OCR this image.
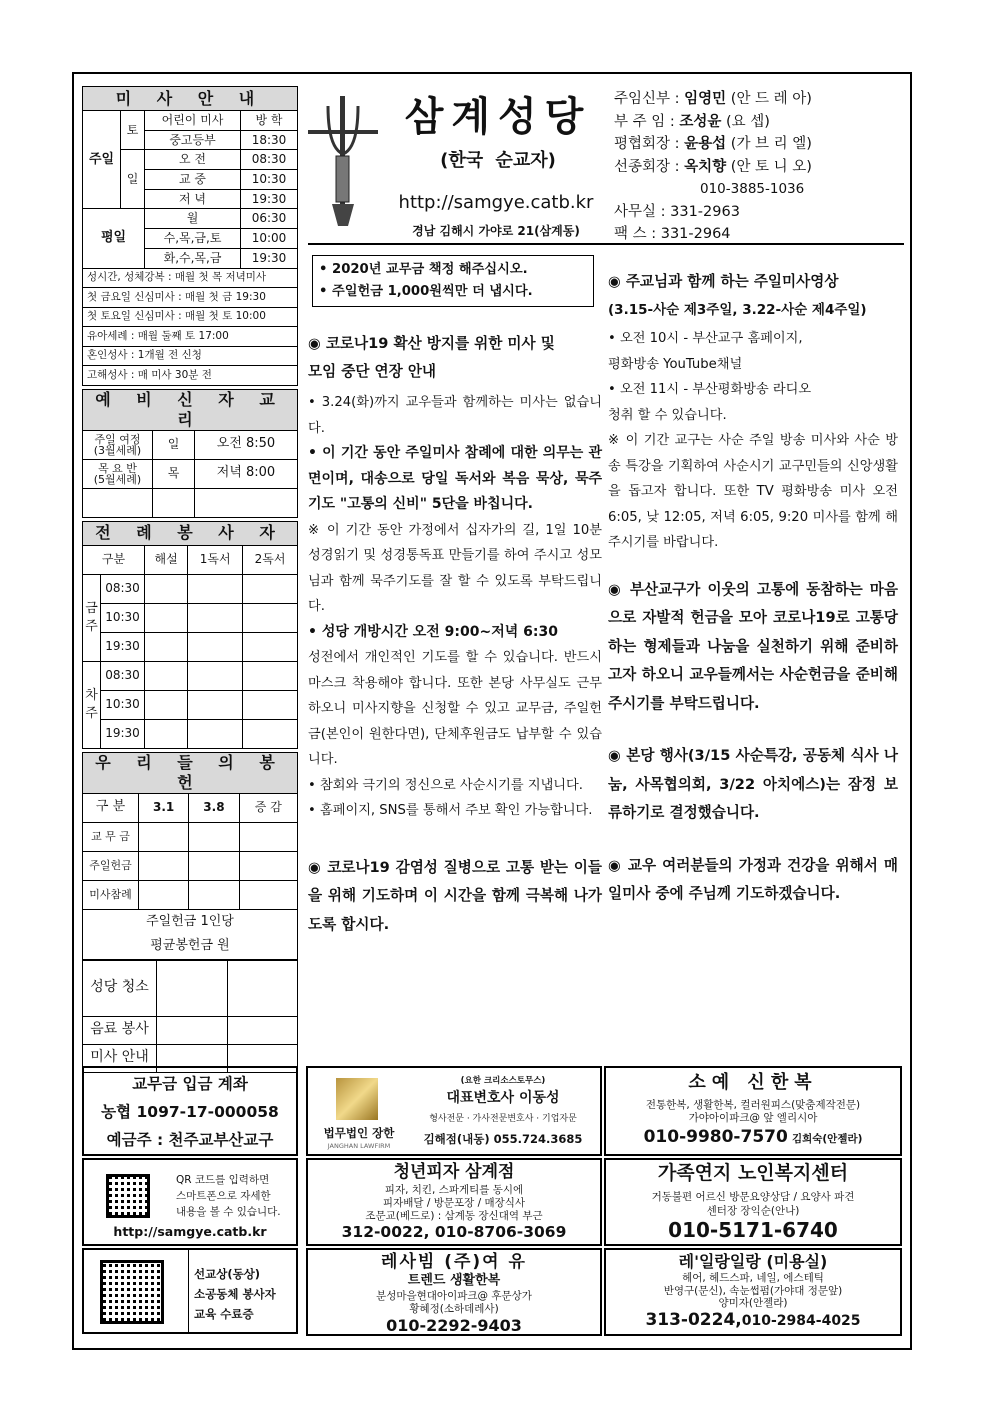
미 사 안 내			
주일	토	어린이 미사	방 학
		중고등부	18:30
	일	오 전	08:30
		교 중	10:30
		저 녁	19:30
평일		월	06:30
		수,목,금,토	10:00
		화,수,목,금	19:30
성시간, 성체강복 : 매월 첫 목 저녁미사			
첫 금요일 신심미사 : 매월 첫 금 19:30			
첫 토요일 신심미사 : 매월 첫 토 10:00			
유아세례 : 매월 둘째 토 17:00			
혼인성사 : 1개월 전 신청			
고해성사 : 매 미사 30분 전			
예 비 신 자 교 리		
주일 여정
(3월세례)	일	오전 8:50
목 요 반
(5월세례)	목	저녁 8:00

전 례 봉 사 자				
구분		해설	1독서	2독서
금주	08:30			
	10:30			
	19:30			
차주	08:30			
	10:30			
	19:30			
우 리 들 의 봉 헌			
구 분	3.1	3.8	증 감
교 무 금			
주일헌금			
미사참례			

주일헌금 1인당
평균봉헌금 원			
성당 청소		
음료 봉사		
미사 안내		
삼계성당
(한국 순교자)
http://samgye.catb.kr
경남 김해시 가야로 21(삼계동)
주임신부 : 임영민 (안 드 레 아)
부 주 임 : 조성윤 (요 셉)
평협회장 : 윤용섭 (가 브 리 엘)
선종회장 : 옥치향 (안 토 니 오)
010-3885-1036
사무실 : 331-2963
팩 스 : 331-2964
• 2020년 교무금 책정 해주십시오.
• 주일헌금 1,000원씩만 더 냅시다.
◉ 코로나19 확산 방지를 위한 미사 및
모임 중단 연장 안내
• 3.24(화)까지 교우들과 함께하는 미사는 없습니다.
• 이 기간 동안 주일미사 참례에 대한 의무는 관면이며, 대송으로 당일 독서와 복음 묵상, 묵주기도 "고통의 신비" 5단을 바칩니다.
※ 이 기간 동안 가정에서 십자가의 길, 1일 10분 성경읽기 및 성경통독표 만들기를 하여 주시고 성모님과 함께 묵주기도를 잘 할 수 있도록 부탁드립니다.
• 성당 개방시간 오전 9:00~저녁 6:30
성전에서 개인적인 기도를 할 수 있습니다. 반드시 마스크 착용해야 합니다. 또한 본당 사무실도 근무하오니 미사지향을 신청할 수 있고 교무금, 주일헌금(본인이 원한다면), 단체후원금도 납부할 수 있습니다.
• 참회와 극기의 정신으로 사순시기를 지냅니다.
• 홈페이지, SNS를 통해서 주보 확인 가능합니다.
◉ 코로나19 감염성 질병으로 고통 받는 이들을 위해 기도하며 이 시간을 함께 극복해 나가도록 합시다.
◉ 주교님과 함께 하는 주일미사영상
(3.15-사순 제3주일, 3.22-사순 제4주일)
• 오전 10시 - 부산교구 홈페이지,
평화방송 YouTube채널
• 오전 11시 - 부산평화방송 라디오
청취 할 수 있습니다.
※ 이 기간 교구는 사순 주일 방송 미사와 사순 방송 특강을 기획하여 사순시기 교구민들의 신앙생활을 돕고자 합니다. 또한 TV 평화방송 미사 오전 6:05, 낮 12:05, 저녁 6:05, 9:20 미사를 함께 해주시기를 바랍니다.
◉ 부산교구가 이웃의 고통에 동참하는 마음으로 자발적 헌금을 모아 코로나19로 고통당하는 형제들과 나눔을 실천하기 위해 준비하고자 하오니 교우들께서는 사순헌금을 준비해 주시기를 부탁드립니다.
◉ 본당 행사(3/15 사순특강, 공동체 식사 나눔, 사목협의회, 3/22 아치에스)는 잠정 보류하기로 결정했습니다.
◉ 교우 여러분들의 가정과 건강을 위해서 매일미사 중에 주님께 기도하겠습니다.
교무금 입금 계좌
농협 1097-17-000058
예금주 : 천주교부산교구
QR 코드를 입력하면
스마트폰으로 자세한
내용을 볼 수 있습니다.
http://samgye.catb.kr
선교상(동상)
소공동체 봉사자
교육 수료증
법무법인 장한
JANGHAN LAWFIRM
(요한 크리소스토무스)
대표변호사 이동성
형사전문 · 가사전문변호사 · 기업자문
김해점(내동) 055.724.3685
소예 신한복
전통한복, 생활한복, 컬러원피스(맞춤제작전문)
가야아이파크@ 앞 엘리시아
010-9980-7570 김희숙(안젤라)
청년피자 삼계점
피자, 치킨, 스파게티를 동시에
피자배달 / 방문포장 / 매장식사
조문교(베드로) : 삼계동 장신대역 부근
312-0022, 010-8706-3069
가족연지 노인복지센터
거동불편 어르신 방문요양상담 / 요양사 파견
센터장 장익순(안나)
010-5171-6740
레사빔 (주)여 유
트렌드 생활한복
분성마을현대아이파크@ 후문상가
황혜정(소하데레사)
010-2292-9403
레'일랑일랑 (미용실)
헤어, 헤드스파, 네일, 에스테틱
반영구(문신), 속눈썹펌(가야대 정문앞)
양미자(안젤라)
313-0224,010-2984-4025
